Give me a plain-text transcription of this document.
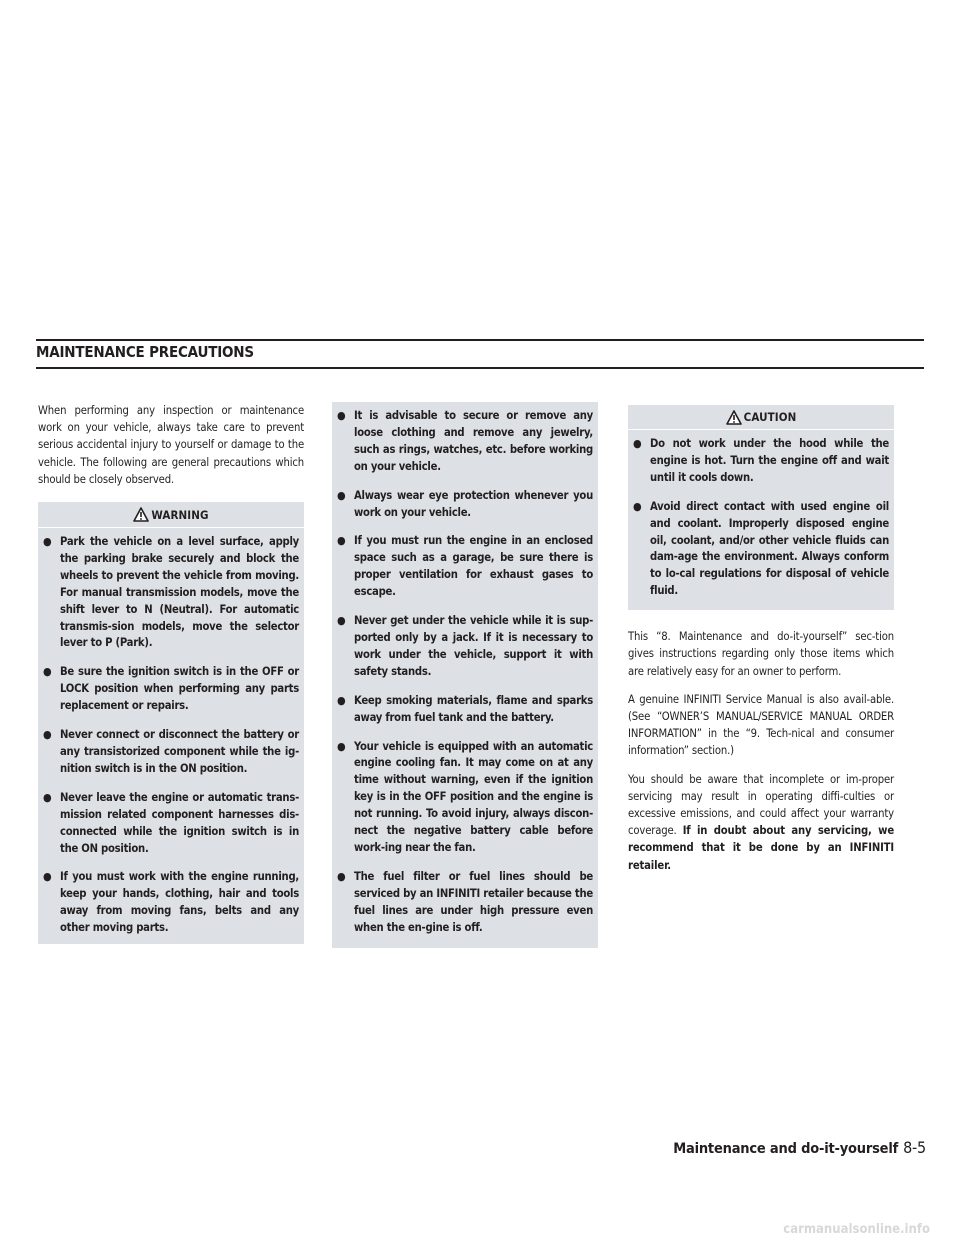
MAINTENANCE PRECAUTIONS

When performing any inspection or maintenance work on your vehicle, always take care to prevent serious accidental injury to yourself or damage to the vehicle. The following are general precautions which should be closely observed.

WARNING
● Park the vehicle on a level surface, apply the parking brake securely and block the wheels to prevent the vehicle from moving. For manual transmission models, move the shift lever to N (Neutral). For automatic transmis-sion models, move the selector lever to P (Park).
● Be sure the ignition switch is in the OFF or LOCK position when performing any parts replacement or repairs.
● Never connect or disconnect the battery or any transistorized component while the ig-nition switch is in the ON position.
● Never leave the engine or automatic trans-mission related component harnesses dis-connected while the ignition switch is in the ON position.
● If you must work with the engine running, keep your hands, clothing, hair and tools away from moving fans, belts and any other moving parts.
● It is advisable to secure or remove any loose clothing and remove any jewelry, such as rings, watches, etc. before working on your vehicle.
● Always wear eye protection whenever you work on your vehicle.
● If you must run the engine in an enclosed space such as a garage, be sure there is proper ventilation for exhaust gases to escape.
● Never get under the vehicle while it is sup-ported only by a jack. If it is necessary to work under the vehicle, support it with safety stands.
● Keep smoking materials, flame and sparks away from fuel tank and the battery.
● Your vehicle is equipped with an automatic engine cooling fan. It may come on at any time without warning, even if the ignition key is in the OFF position and the engine is not running. To avoid injury, always discon-nect the negative battery cable before work-ing near the fan.
● The fuel filter or fuel lines should be serviced by an INFINITI retailer because the fuel lines are under high pressure even when the en-gine is off.
CAUTION
● Do not work under the hood while the engine is hot. Turn the engine off and wait until it cools down.
● Avoid direct contact with used engine oil and coolant. Improperly disposed engine oil, coolant, and/or other vehicle fluids can dam-age the environment. Always conform to lo-cal regulations for disposal of vehicle fluid.

This “8. Maintenance and do-it-yourself” sec-tion gives instructions regarding only those items which are relatively easy for an owner to perform.

A genuine INFINITI Service Manual is also avail-able. (See “OWNER’S MANUAL/SERVICE MANUAL ORDER INFORMATION” in the “9. Tech-nical and consumer information” section.)

You should be aware that incomplete or im-proper servicing may result in operating diffi-culties or excessive emissions, and could affect your warranty coverage. If in doubt about any servicing, we recommend that it be done by an INFINITI retailer.

Maintenance and do-it-yourself 8-5
carmanualsonline.info
